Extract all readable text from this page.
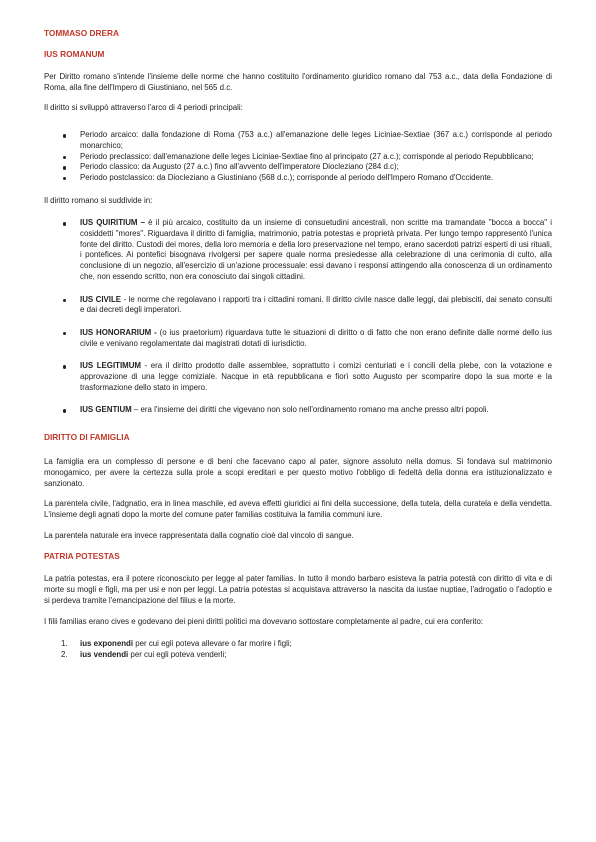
TOMMASO DRERA
IUS ROMANUM

Per Diritto romano s'intende l'insieme delle norme che hanno costituito l'ordinamento giuridico romano dal 753 a.c., data della Fondazione di Roma, alla fine dell'Impero di Giustiniano, nel 565 d.c.

Il diritto si sviluppò attraverso l'arco di 4 periodi principali:

Periodo arcaico: dalla fondazione di Roma (753 a.c.) all'emanazione delle leges Liciniae-Sextiae (367 a.c.) corrisponde al periodo monarchico;
Periodo preclassico: dall'emanazione delle leges Liciniae-Sextiae fino al principato (27 a.c.); corrisponde al periodo Repubblicano;
Periodo classico: da Augusto (27 a.c.) fino all'avvento dell'imperatore Diocleziano (284 d.c);
Periodo postclassico: da Diocleziano a Giustiniano (568 d.c.); corrisponde al periodo dell'Impero Romano d'Occidente.

Il diritto romano si suddivide in:

IUS QUIRITIUM – è il più arcaico, costituito da un insieme di consuetudini ancestrali, non scritte ma tramandate "bocca a bocca" i cosiddetti "mores". Riguardava il diritto di famiglia, matrimonio, patria potestas e proprietà privata. Per lungo tempo rappresentò l'unica fonte del diritto. Custodi dei mores, della loro memoria e della loro preservazione nel tempo, erano sacerdoti patrizi esperti di usi rituali, i pontefices. Ai pontefici bisognava rivolgersi per sapere quale norma presiedesse alla celebrazione di una cerimonia di culto, alla conclusione di un negozio, all'esercizio di un'azione processuale: essi davano i responsi attingendo alla conoscenza di un ordinamento che, non essendo scritto, non era conosciuto dai singoli cittadini.
IUS CIVILE - le norme che regolavano i rapporti tra i cittadini romani. Il diritto civile nasce dalle leggi, dai plebisciti, dai senato consulti e dai decreti degli imperatori.
IUS HONORARIUM - (o ius praetorium) riguardava tutte le situazioni di diritto o di fatto che non erano definite dalle norme dello ius civile e venivano regolamentate dai magistrati dotati di iurisdictio.
IUS LEGITIMUM - era il diritto prodotto dalle assemblee, soprattutto i comizi centuriati e i concili della plebe, con la votazione e approvazione di una legge comiziale. Nacque in età repubblicana e fiorì sotto Augusto per scomparire dopo la sua morte e la trasformazione dello stato in impero.
IUS GENTIUM – era l'insieme dei diritti che vigevano non solo nell'ordinamento romano ma anche presso altri popoli.
DIRITTO DI FAMIGLIA

La famiglia era un complesso di persone e di beni che facevano capo al pater, signore assoluto nella domus. Si fondava sul matrimonio monogamico, per avere la certezza sulla prole a scopi ereditari e per questo motivo l'obbligo di fedeltà della donna era istituzionalizzato e sanzionato.

La parentela civile, l'adgnatio, era in linea maschile, ed aveva effetti giuridici ai fini della successione, della tutela, della curatela e della vendetta. L'insieme degli agnati dopo la morte del comune pater familias costituiva la familia communi iure.

La parentela naturale era invece rappresentata dalla cognatio cioè dal vincolo di sangue.

PATRIA POTESTAS

La patria potestas, era il potere riconosciuto per legge al pater familias. In tutto il mondo barbaro esisteva la patria potestà con diritto di vita e di morte su mogli e figli, ma per usi e non per leggi. La patria potestas si acquistava attraverso la nascita da iustae nuptiae, l'adrogatio o l'adoptio e si perdeva tramite l'emancipazione del filius e la morte.

I filii familias erano cives e godevano dei pieni diritti politici ma dovevano sottostare completamente al padre, cui era conferito:

1. ius exponendi per cui egli poteva allevare o far morire i figli;
2. ius vendendi per cui egli poteva venderli;
